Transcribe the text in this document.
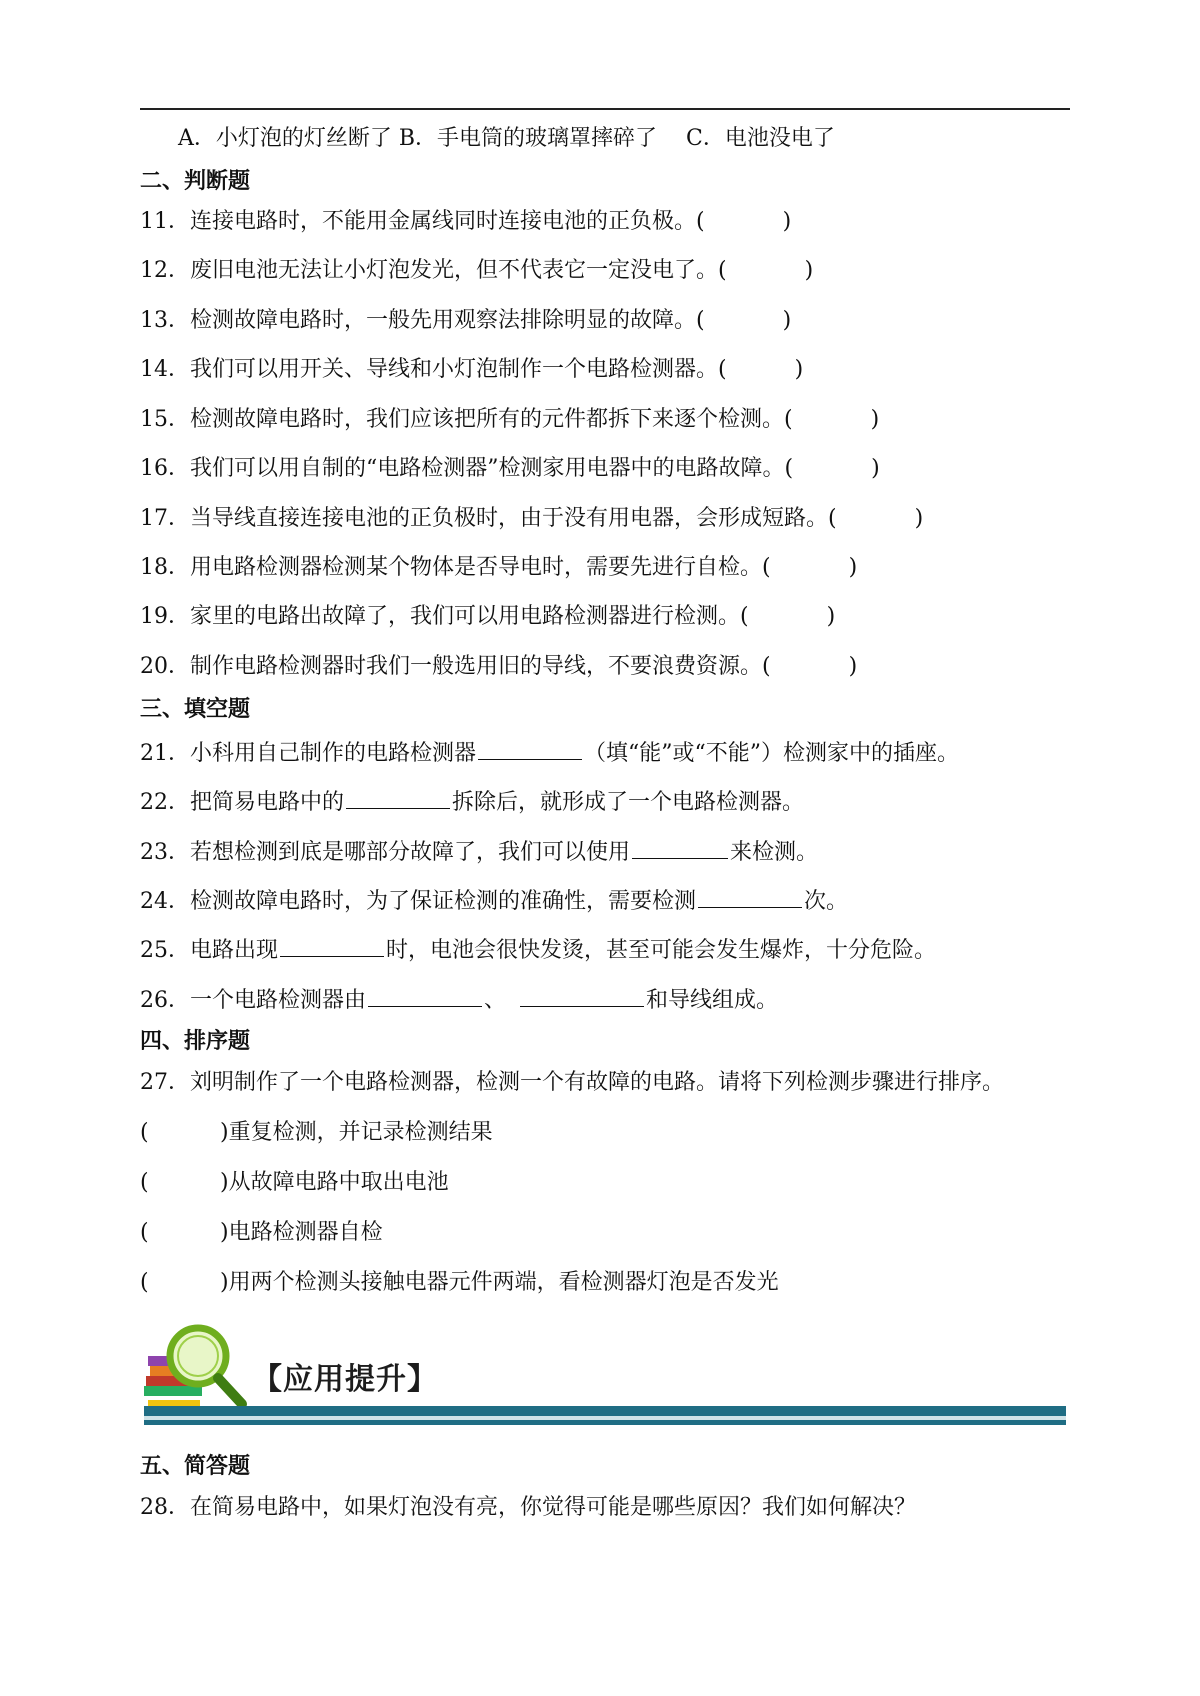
A．小灯泡的灯丝断了 B．手电筒的玻璃罩摔碎了　 C．电池没电了
二、判断题
11．连接电路时，不能用金属线同时连接电池的正负极。(	)
12．废旧电池无法让小灯泡发光，但不代表它一定没电了。(	)
13．检测故障电路时，一般先用观察法排除明显的故障。(	)
14．我们可以用开关、导线和小灯泡制作一个电路检测器。(	)
15．检测故障电路时，我们应该把所有的元件都拆下来逐个检测。(	)
16．我们可以用自制的“电路检测器”检测家用电器中的电路故障。(	)
17．当导线直接连接电池的正负极时，由于没有用电器，会形成短路。(	)
18．用电路检测器检测某个物体是否导电时，需要先进行自检。(	)
19．家里的电路出故障了，我们可以用电路检测器进行检测。(	)
20．制作电路检测器时我们一般选用旧的导线，不要浪费资源。(	)
三、填空题
21．小科用自己制作的电路检测器	（填“能”或“不能”）检测家中的插座。
22．把简易电路中的	拆除后，就形成了一个电路检测器。
23．若想检测到底是哪部分故障了，我们可以使用	来检测。
24．检测故障电路时，为了保证检测的准确性，需要检测	次。
25．电路出现	时，电池会很快发烫，甚至可能会发生爆炸，十分危险。
26．一个电路检测器由	、	和导线组成。
四、排序题
27．刘明制作了一个电路检测器，检测一个有故障的电路。请将下列检测步骤进行排序。
(	)重复检测，并记录检测结果
(	)从故障电路中取出电池
(	)电路检测器自检
(	)用两个检测头接触电器元件两端，看检测器灯泡是否发光
【应用提升】
五、简答题
28．在简易电路中，如果灯泡没有亮，你觉得可能是哪些原因？我们如何解决？
